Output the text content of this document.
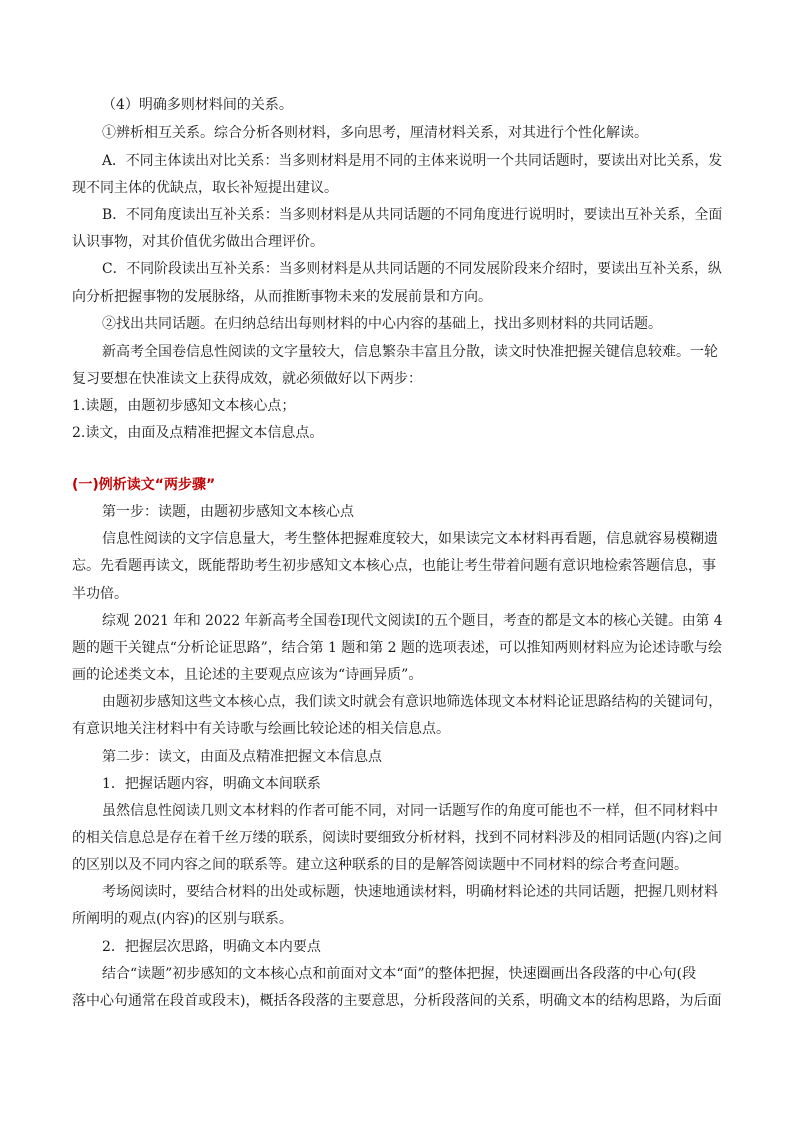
（4）明确多则材料间的关系。
①辨析相互关系。综合分析各则材料，多向思考，厘清材料关系，对其进行个性化解读。
A．不同主体读出对比关系：当多则材料是用不同的主体来说明一个共同话题时，要读出对比关系，发
现不同主体的优缺点，取长补短提出建议。
B．不同角度读出互补关系：当多则材料是从共同话题的不同角度进行说明时，要读出互补关系，全面
认识事物，对其价值优劣做出合理评价。
C．不同阶段读出互补关系：当多则材料是从共同话题的不同发展阶段来介绍时，要读出互补关系，纵
向分析把握事物的发展脉络，从而推断事物未来的发展前景和方向。
②找出共同话题。在归纳总结出每则材料的中心内容的基础上，找出多则材料的共同话题。
新高考全国卷信息性阅读的文字量较大，信息繁杂丰富且分散，读文时快准把握关键信息较难。一轮
复习要想在快准读文上获得成效，就必须做好以下两步：
1.读题，由题初步感知文本核心点；
2.读文，由面及点精准把握文本信息点。
(一)例析读文“两步骤”
第一步：读题，由题初步感知文本核心点
信息性阅读的文字信息量大，考生整体把握难度较大，如果读完文本材料再看题，信息就容易模糊遗
忘。先看题再读文，既能帮助考生初步感知文本核心点，也能让考生带着问题有意识地检索答题信息，事
半功倍。
综观 2021 年和 2022 年新高考全国卷Ⅰ现代文阅读Ⅰ的五个题目，考查的都是文本的核心关键。由第 4
题的题干关键点“分析论证思路”，结合第 1 题和第 2 题的选项表述，可以推知两则材料应为论述诗歌与绘
画的论述类文本，且论述的主要观点应该为“诗画异质”。
由题初步感知这些文本核心点，我们读文时就会有意识地筛选体现文本材料论证思路结构的关键词句，
有意识地关注材料中有关诗歌与绘画比较论述的相关信息点。
第二步：读文，由面及点精准把握文本信息点
1．把握话题内容，明确文本间联系
虽然信息性阅读几则文本材料的作者可能不同，对同一话题写作的角度可能也不一样，但不同材料中
的相关信息总是存在着千丝万缕的联系，阅读时要细致分析材料，找到不同材料涉及的相同话题(内容)之间
的区别以及不同内容之间的联系等。建立这种联系的目的是解答阅读题中不同材料的综合考查问题。
考场阅读时，要结合材料的出处或标题，快速地通读材料，明确材料论述的共同话题，把握几则材料
所阐明的观点(内容)的区别与联系。
2．把握层次思路，明确文本内要点
结合“读题”初步感知的文本核心点和前面对文本“面”的整体把握，快速圈画出各段落的中心句(段
落中心句通常在段首或段末)，概括各段落的主要意思，分析段落间的关系，明确文本的结构思路，为后面
